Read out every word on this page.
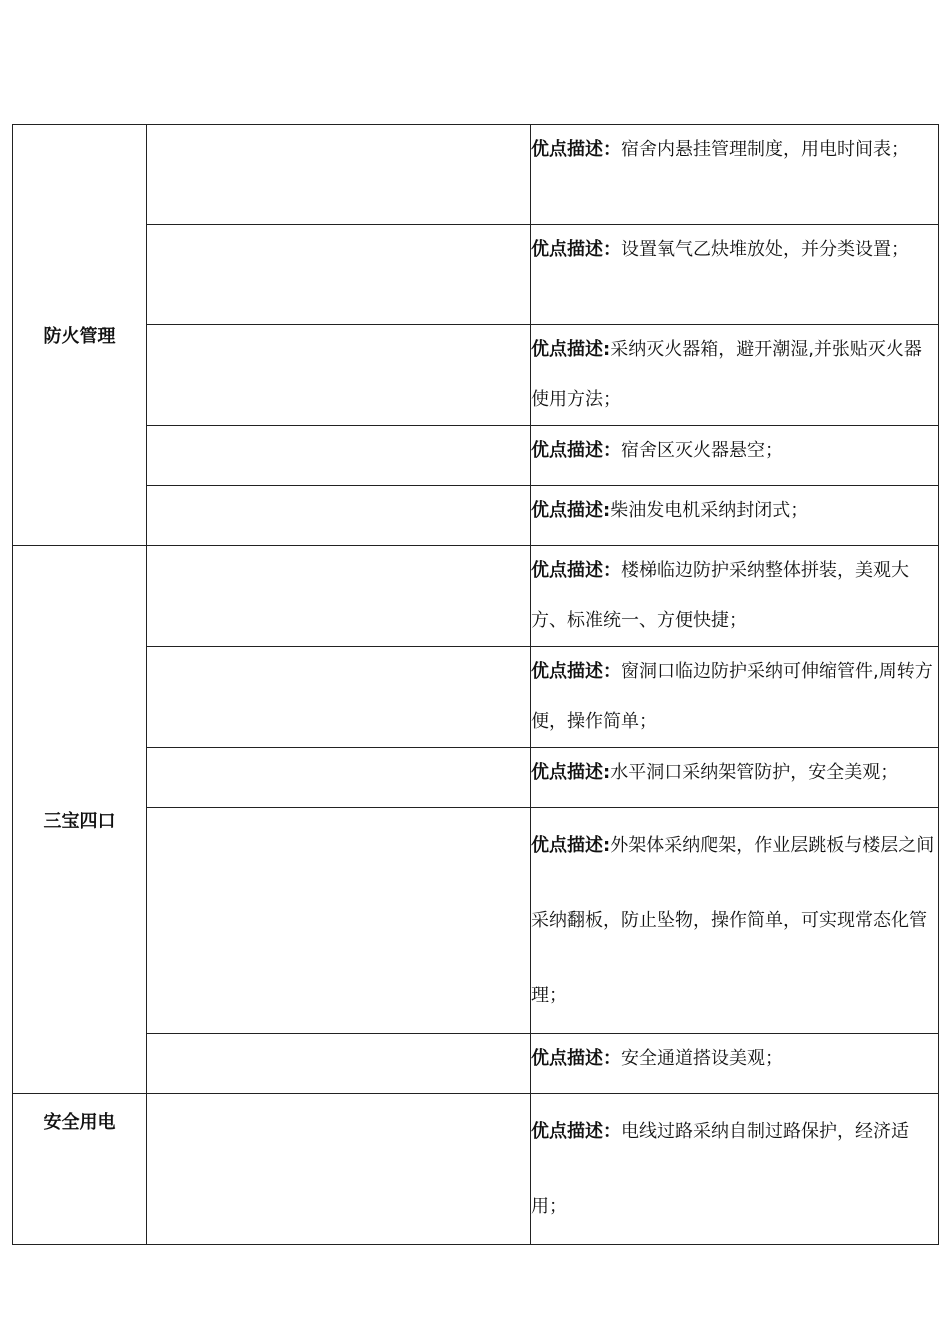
防火管理		优点描述：宿舍内悬挂管理制度，用电时间表；

		优点描述：设置氧气乙炔堆放处，并分类设置；

		优点描述:采纳灭火器箱，避开潮湿,并张贴灭火器使用方法；

		优点描述：宿舍区灭火器悬空；

		优点描述:柴油发电机采纳封闭式；

三宝四口		优点描述：楼梯临边防护采纳整体拼装，美观大方、标准统一、方便快捷；

		优点描述：窗洞口临边防护采纳可伸缩管件,周转方便，操作简单；

		优点描述:水平洞口采纳架管防护，安全美观；

		优点描述:外架体采纳爬架，作业层跳板与楼层之间采纳翻板，防止坠物，操作简单，可实现常态化管理；

		优点描述：安全通道搭设美观；

安全用电		优点描述：电线过路采纳自制过路保护，经济适用；
